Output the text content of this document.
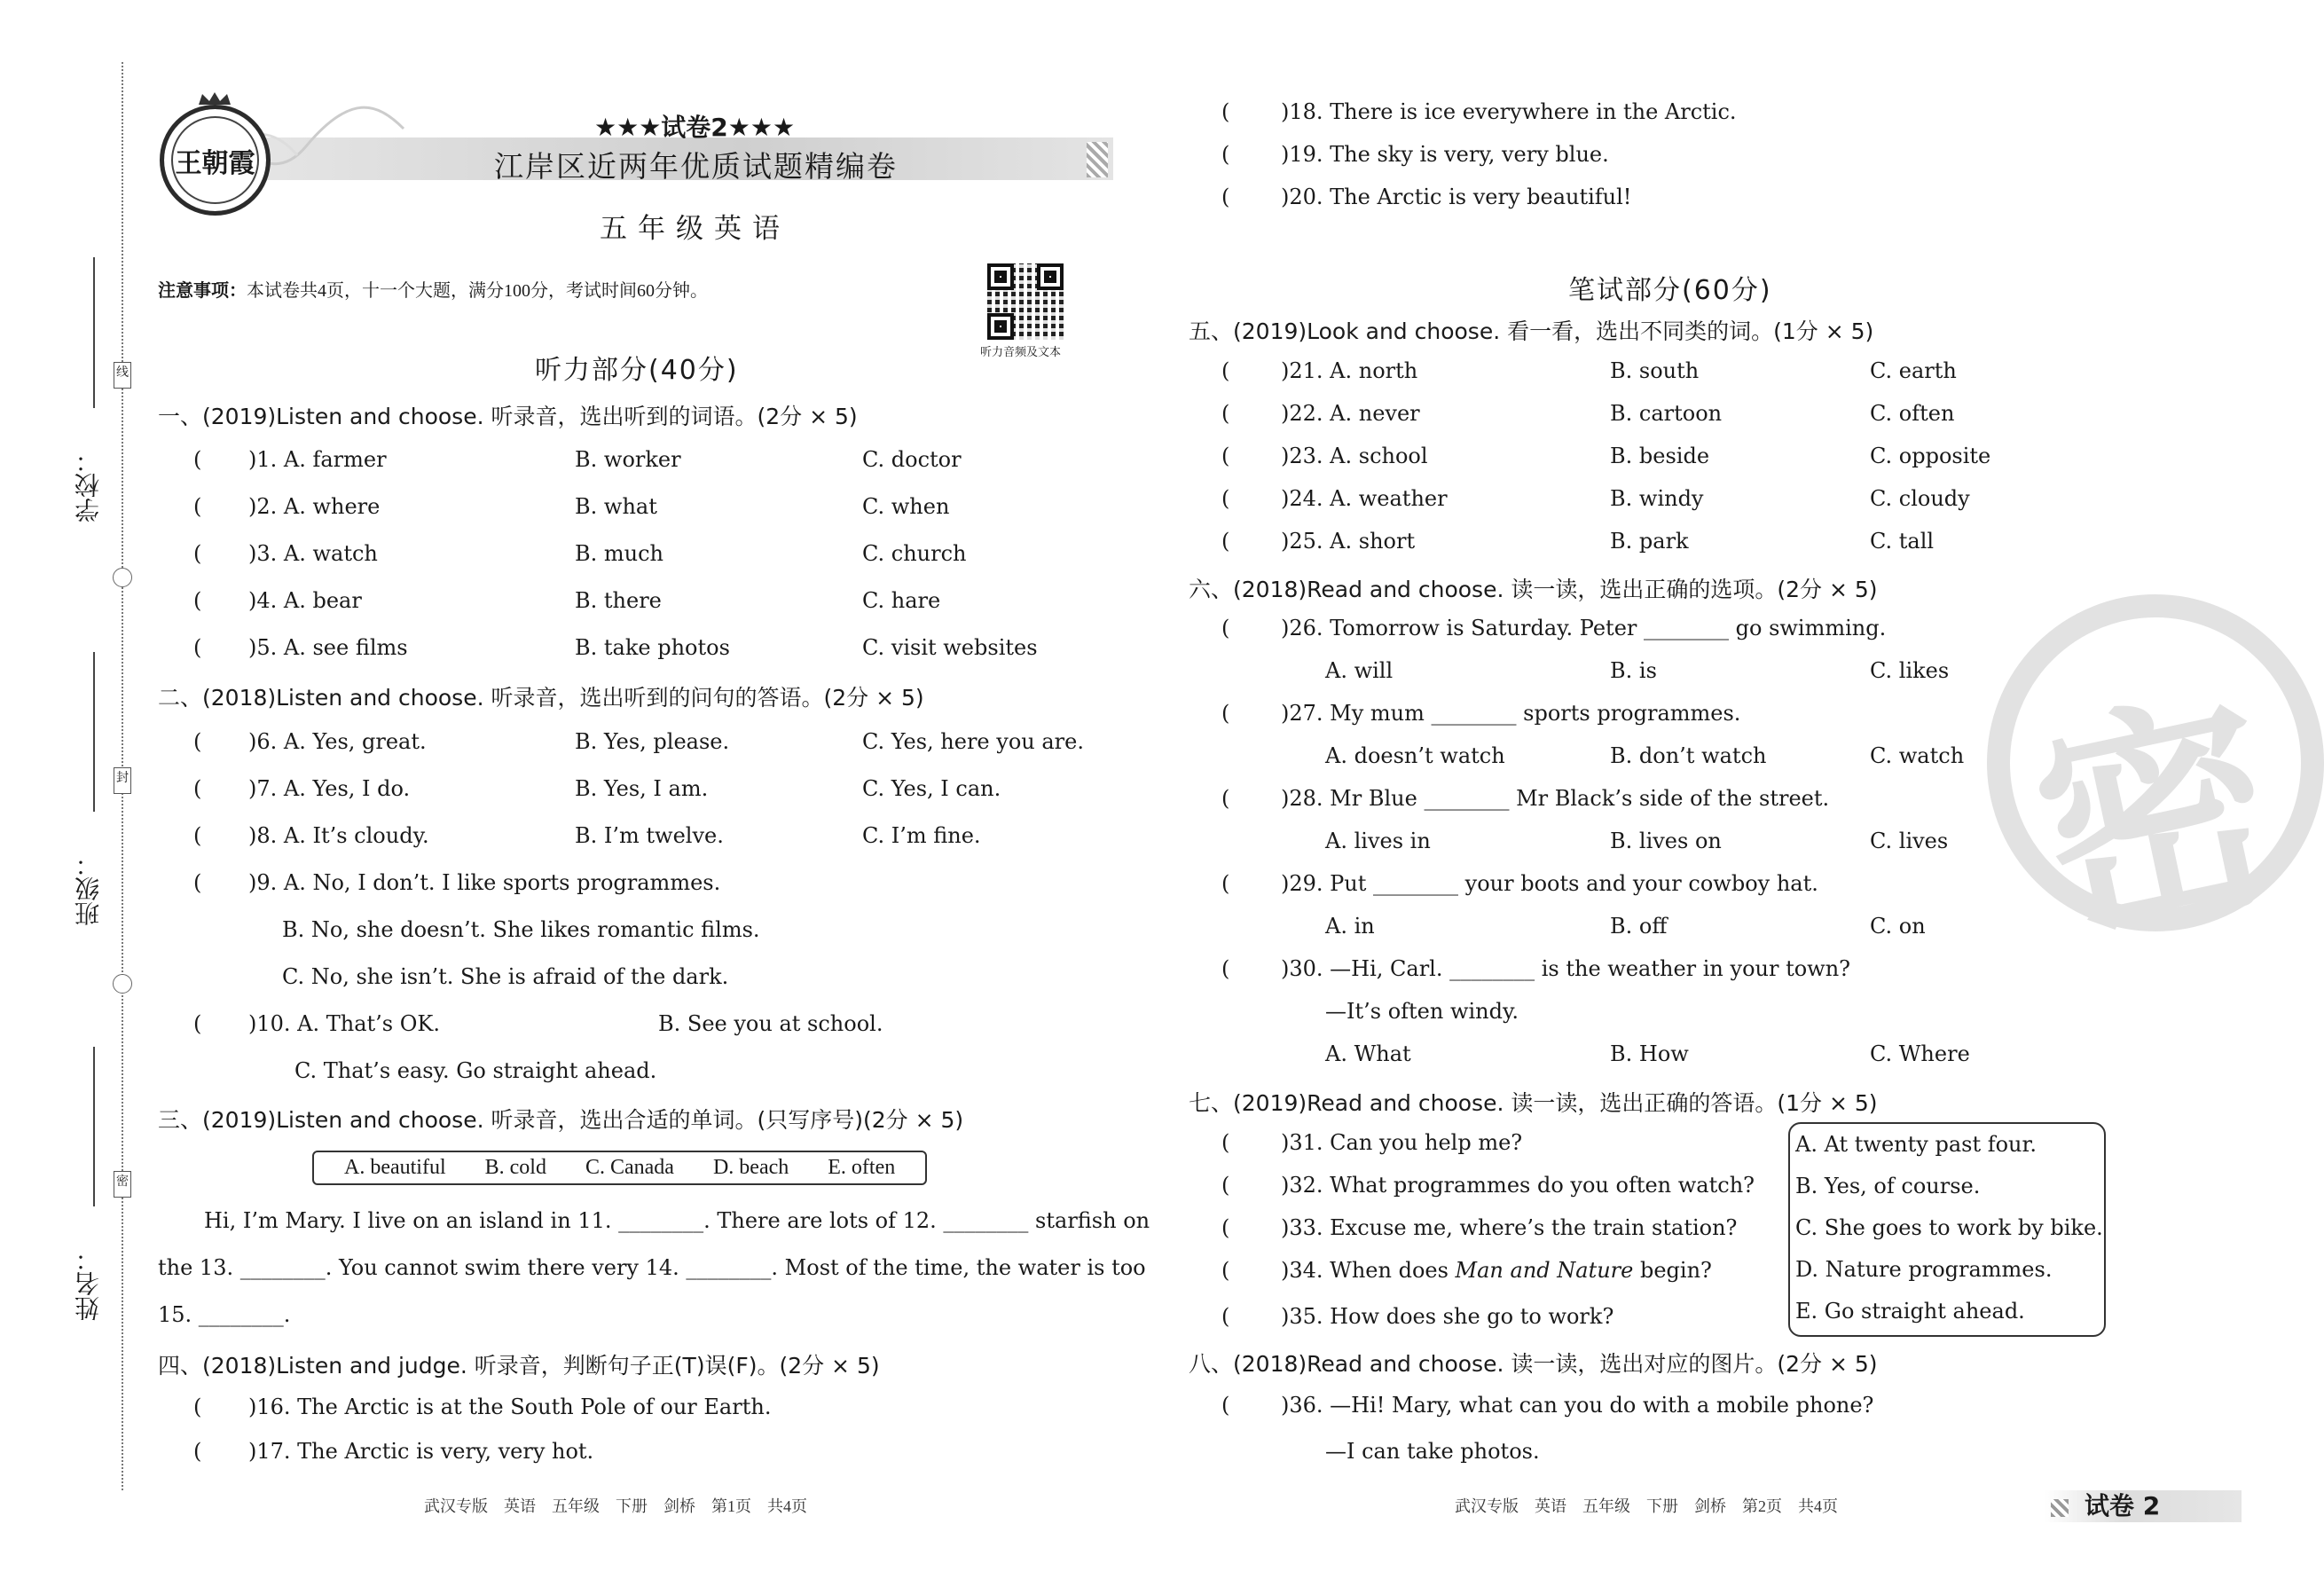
学校：
班级：
姓名：
线
封
密
王朝霞
★★★试卷2★★★
江岸区近两年优质试题精编卷
五年级英语
注意事项：本试卷共4页，十一个大题，满分100分，考试时间60分钟。
听力音频及文本
听力部分(40分)
一、(2019)Listen and choose. 听录音，选出听到的词语。(2分 × 5)
( )1. A. farmer	B. worker	C. doctor
( )2. A. where	B. what	C. when
( )3. A. watch	B. much	C. church
( )4. A. bear	B. there	C. hare
( )5. A. see films	B. take photos	C. visit websites
二、(2018)Listen and choose. 听录音，选出听到的问句的答语。(2分 × 5)
( )6. A. Yes, great.	B. Yes, please.	C. Yes, here you are.
( )7. A. Yes, I do.	B. Yes, I am.	C. Yes, I can.
( )8. A. It’s cloudy.	B. I’m twelve.	C. I’m fine.
( )9. A. No, I don’t. I like sports programmes.
B. No, she doesn’t. She likes romantic films.
C. No, she isn’t. She is afraid of the dark.
( )10. A. That’s OK.	B. See you at school.
C. That’s easy. Go straight ahead.
三、(2019)Listen and choose. 听录音，选出合适的单词。(只写序号)(2分 × 5)
A. beautiful B. cold C. Canada D. beach E. often
Hi, I’m Mary. I live on an island in 11. ________. There are lots of 12. ________ starfish on
the 13. ________. You cannot swim there very 14. ________. Most of the time, the water is too
15. ________.
四、(2018)Listen and judge. 听录音，判断句子正(T)误(F)。(2分 × 5)
( )16. The Arctic is at the South Pole of our Earth.
( )17. The Arctic is very, very hot.
武汉专版　英语　五年级　下册　剑桥　第1页　共4页
( )18. There is ice everywhere in the Arctic.
( )19. The sky is very, very blue.
( )20. The Arctic is very beautiful!
笔试部分(60分)
五、(2019)Look and choose. 看一看，选出不同类的词。(1分 × 5)
( )21. A. north	B. south	C. earth
( )22. A. never	B. cartoon	C. often
( )23. A. school	B. beside	C. opposite
( )24. A. weather	B. windy	C. cloudy
( )25. A. short	B. park	C. tall
六、(2018)Read and choose. 读一读，选出正确的选项。(2分 × 5)
( )26. Tomorrow is Saturday. Peter ________ go swimming.
A. will	B. is	C. likes
( )27. My mum ________ sports programmes.
A. doesn’t watch	B. don’t watch	C. watch
( )28. Mr Blue ________ Mr Black’s side of the street.
A. lives in	B. lives on	C. lives
( )29. Put ________ your boots and your cowboy hat.
A. in	B. off	C. on
( )30. —Hi, Carl. ________ is the weather in your town?
—It’s often windy.
A. What	B. How	C. Where
七、(2019)Read and choose. 读一读，选出正确的答语。(1分 × 5)
( )31. Can you help me?
( )32. What programmes do you often watch?
( )33. Excuse me, where’s the train station?
( )34. When does Man and Nature begin?
( )35. How does she go to work?
A. At twenty past four.
B. Yes, of course.
C. She goes to work by bike.
D. Nature programmes.
E. Go straight ahead.
八、(2018)Read and choose. 读一读，选出对应的图片。(2分 × 5)
( )36. —Hi! Mary, what can you do with a mobile phone?
—I can take photos.
武汉专版　英语　五年级　下册　剑桥　第2页　共4页	试卷 2
密
